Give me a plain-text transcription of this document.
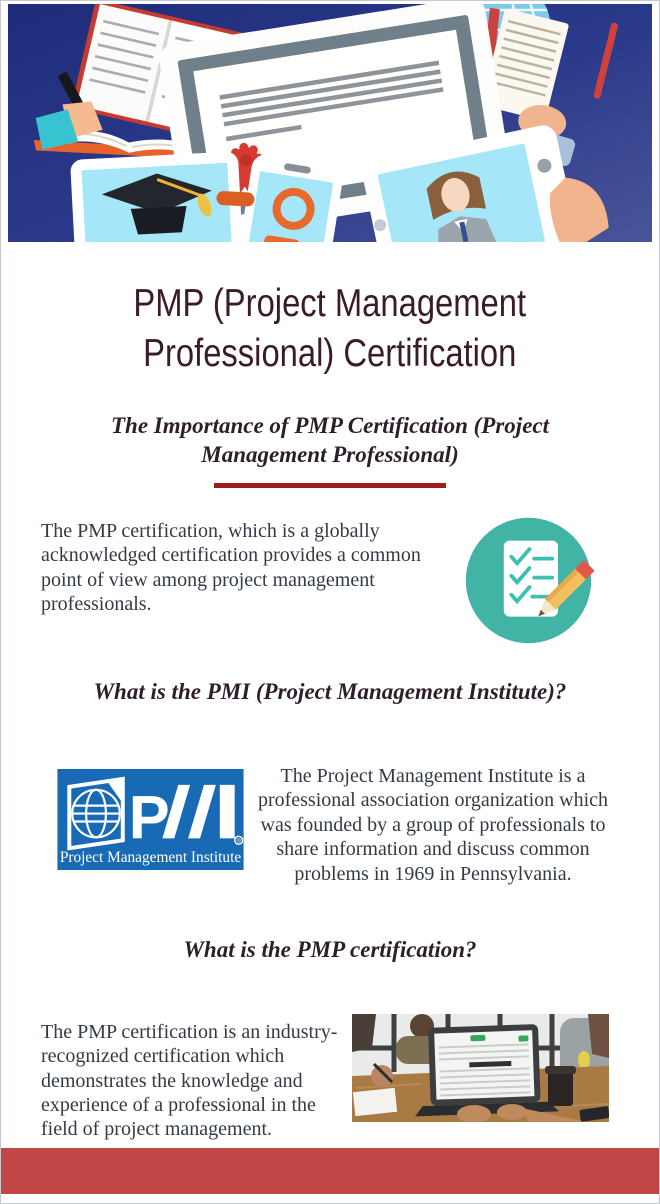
PMP (Project Management
Professional) Certification
The Importance of PMP Certification (Project Management Professional)

The PMP certification, which is a globally acknowledged certification provides a common point of view among project management professionals.

What is the PMI (Project Management Institute)?
P	®
Project Management Institute

The Project Management Institute is a professional association organization which was founded by a group of professionals to share information and discuss common problems in 1969 in Pennsylvania.

What is the PMP certification?

The PMP certification is an industry-recognized certification which demonstrates the knowledge and experience of a professional in the field of project management.
